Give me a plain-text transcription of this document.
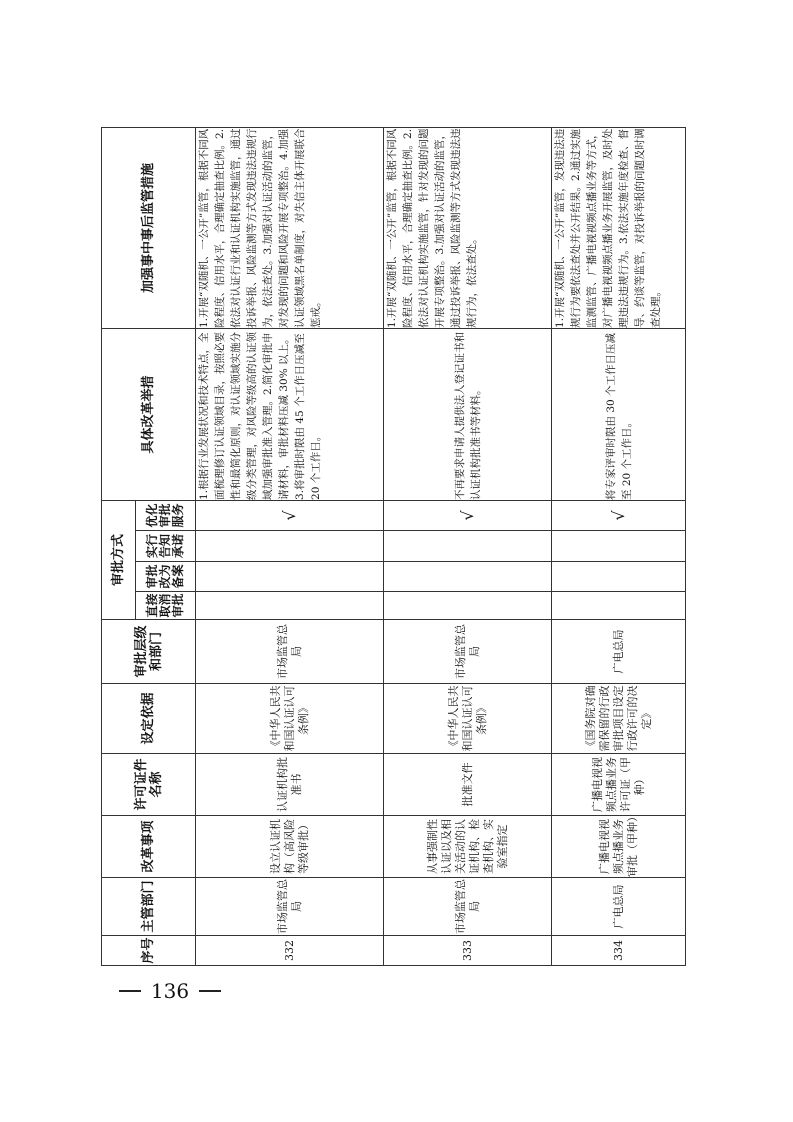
序号	主管部门	改革事项	许可证件名称	设定依据	审批层级和部门	审批方式				具体改革举措	加强事中事后监管措施
						直接取消审批	审批改为备案	实行告知承诺	优化审批服务		
332	市场监管总局	设立认证机构（高风险等级审批）	认证机构批准书	《中华人民共和国认证认可条例》	市场监管总局				√	1.根据行业发展状况和技术特点，全面梳理修订认证领域目录，按照必要性和最简化原则，对认证领域实施分级分类管理，对风险等级高的认证领域加强审批准入管理。2.简化审批申请材料，审批材料压减 30% 以上。3.将审批时限由 45 个工作日压减至 20 个工作日。	1.开展“双随机、一公开”监管，根据不同风险程度、信用水平，合理确定抽查比例。2.依法对认证行业和认证机构实施监管，通过投诉举报、风险监测等方式发现违法违规行为，依法查处。3.加强对认证活动的监管，对发现的问题和风险开展专项整治。4.加强认证领域黑名单制度，对失信主体开展联合惩戒。
333	市场监管总局	从事强制性认证以及相关活动的认证机构、检查机构、实验室指定	批准文件	《中华人民共和国认证认可条例》	市场监管总局				√	不再要求申请人提供法人登记证书和认证机构批准书等材料。	1.开展“双随机、一公开”监管，根据不同风险程度、信用水平，合理确定抽查比例。2.依法对认证机构实施监管，针对发现的问题开展专项整治。3.加强对认证活动的监管，通过投诉举报、风险监测等方式发现违法违规行为，依法查处。
334	广电总局	广播电视视频点播业务审批（甲种）	广播电视视频点播业务许可证（甲种）	《国务院对确需保留的行政审批项目设定行政许可的决定》	广电总局				√	将专家评审时限由 30 个工作日压减至 20 个工作日。	1.开展“双随机、一公开”监管，发现违法违规行为要依法查处并公开结果。2.通过实施监测监管、广播电视视频点播业务等方式，对广播电视视频点播业务开展监管，及时处理违法违规行为。3.依法实施年度检查、督导、约谈等监管，对投诉举报的问题及时调查处理。
136
